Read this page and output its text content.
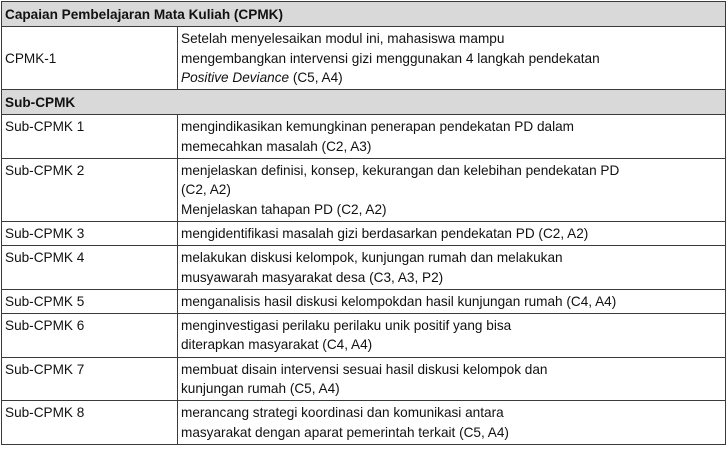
Capaian Pembelajaran Mata Kuliah (CPMK)	
CPMK-1	Setelah menyelesaikan modul ini, mahasiswa mampu
mengembangkan intervensi gizi menggunakan 4 langkah pendekatan
Positive Deviance (C5, A4)

Sub-CPMK	
Sub-CPMK 1	mengindikasikan kemungkinan penerapan pendekatan PD dalam
memecahkan masalah (C2, A3)

Sub-CPMK 2	menjelaskan definisi, konsep, kekurangan dan kelebihan pendekatan PD
(C2, A2)
Menjelaskan tahapan PD (C2, A2)

Sub-CPMK 3	mengidentifikasi masalah gizi berdasarkan pendekatan PD (C2, A2)

Sub-CPMK 4	melakukan diskusi kelompok, kunjungan rumah dan melakukan
musyawarah masyarakat desa (C3, A3, P2)

Sub-CPMK 5	menganalisis hasil diskusi kelompokdan hasil kunjungan rumah (C4, A4)

Sub-CPMK 6	menginvestigasi perilaku perilaku unik positif yang bisa
diterapkan masyarakat (C4, A4)

Sub-CPMK 7	membuat disain intervensi sesuai hasil diskusi kelompok dan
kunjungan rumah (C5, A4)

Sub-CPMK 8	merancang strategi koordinasi dan komunikasi antara
masyarakat dengan aparat pemerintah terkait (C5, A4)
